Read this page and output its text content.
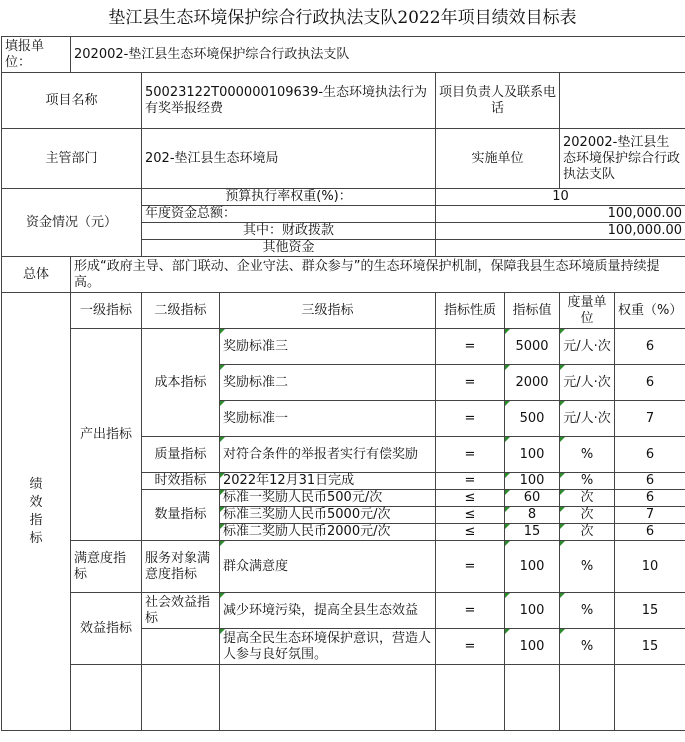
垫江县生态环境保护综合行政执法支队2022年项目绩效目标表
填报单位：	202002-垫江县生态环境保护综合行政执法支队						
项目名称		50023122T000000109639-生态环境执法行为有奖举报经费		项目负责人及联系电话			
主管部门		202-垫江县生态环境局		实施单位		202002-垫江县生态环境保护综合行政执法支队	
资金情况（元）		预算执行率权重(%)：		10			
		年度资金总额：		100,000.00			
		其中：财政拨款		100,000.00			
		其他资金					
总体	形成“政府主导、部门联动、企业守法、群众参与”的生态环境保护机制，保障我县生态环境质量持续提高。						
绩效指标	一级指标	二级指标	三级指标	指标性质	指标值	度量单位	权重（%）
	产出指标	成本指标	奖励标准三	=	5000	元/人·次	6
			奖励标准二	=	2000	元/人·次	6
			奖励标准一	=	500	元/人·次	7
		质量指标	对符合条件的举报者实行有偿奖励	=	100	%	6
		时效指标	2022年12月31日完成	=	100	%	6
		数量指标	标准一奖励人民币500元/次	≤	60	次	6
			标准三奖励人民币5000元/次	≤	8	次	7
			标准二奖励人民币2000元/次	≤	15	次	6
	满意度指标	服务对象满意度指标	群众满意度	=	100	%	10
	效益指标	社会效益指标	减少环境污染，提高全县生态效益	=	100	%	15
			提高全民生态环境保护意识，营造人人参与良好氛围。	=	100	%	15
